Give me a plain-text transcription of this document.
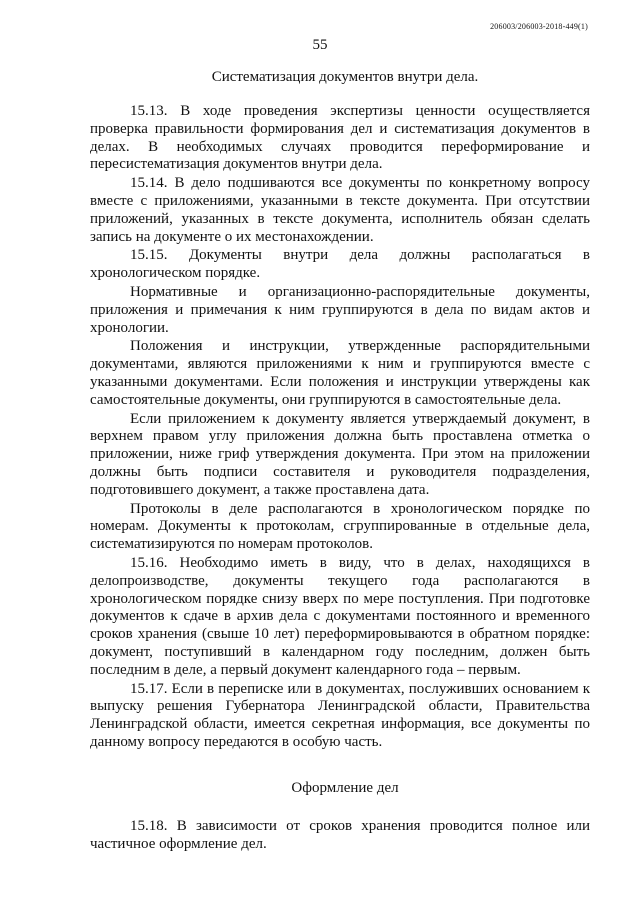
206003/206003-2018-449(1)
55
Систематизация документов внутри дела.

15.13. В ходе проведения экспертизы ценности осуществляется проверка правильности формирования дел и систематизация документов в делах. В необходимых случаях проводится переформирование и пересистематизация документов внутри дела.

15.14. В дело подшиваются все документы по конкретному вопросу вместе с приложениями, указанными в тексте документа. При отсутствии приложений, указанных в тексте документа, исполнитель обязан сделать запись на документе о их местонахождении.

15.15. Документы внутри дела должны располагаться в хронологическом порядке.

Нормативные и организационно-распорядительные документы, приложения и примечания к ним группируются в дела по видам актов и хронологии.

Положения и инструкции, утвержденные распорядительными документами, являются приложениями к ним и группируются вместе с указанными документами. Если положения и инструкции утверждены как самостоятельные документы, они группируются в самостоятельные дела.

Если приложением к документу является утверждаемый документ, в верхнем правом углу приложения должна быть проставлена отметка о приложении, ниже гриф утверждения документа. При этом на приложении должны быть подписи составителя и руководителя подразделения, подготовившего документ, а также проставлена дата.

Протоколы в деле располагаются в хронологическом порядке по номерам. Документы к протоколам, сгруппированные в отдельные дела, систематизируются по номерам протоколов.

15.16. Необходимо иметь в виду, что в делах, находящихся в делопроизводстве, документы текущего года располагаются в хронологическом порядке снизу вверх по мере поступления. При подготовке документов к сдаче в архив дела с документами постоянного и временного сроков хранения (свыше 10 лет) переформировываются в обратном порядке: документ, поступивший в календарном году последним, должен быть последним в деле, а первый документ календарного года – первым.

15.17. Если в переписке или в документах, послуживших основанием к выпуску решения Губернатора Ленинградской области, Правительства Ленинградской области, имеется секретная информация, все документы по данному вопросу передаются в особую часть.

Оформление дел

15.18. В зависимости от сроков хранения проводится полное или частичное оформление дел.
